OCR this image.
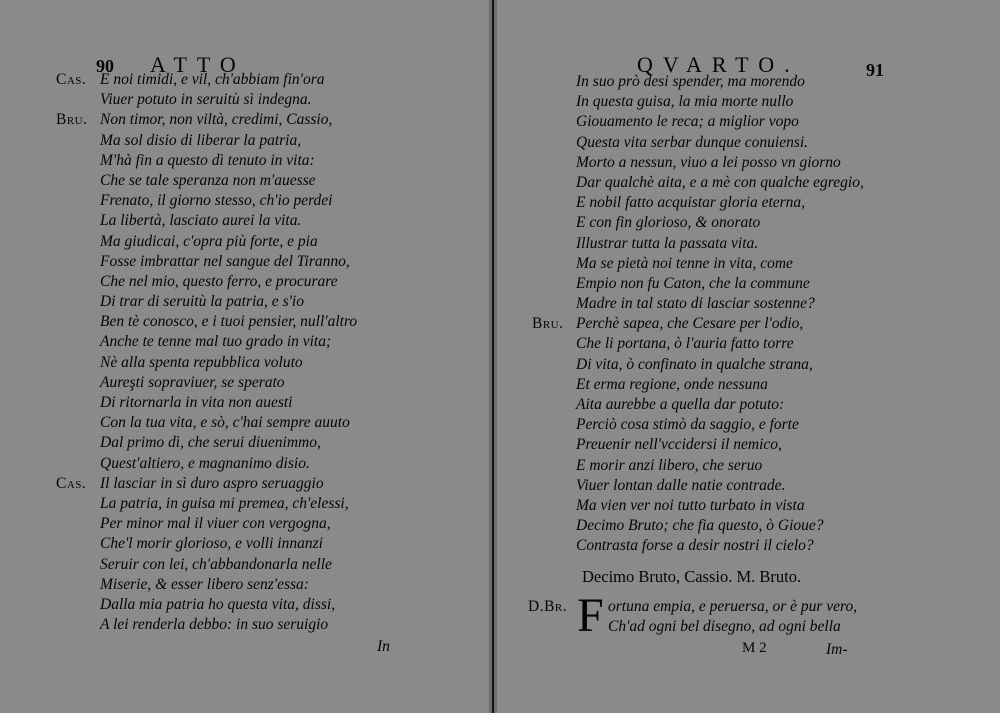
90 ATTO
Cas. E noi timidi, e vil, ch'abbiam fin'ora
Viuer potuto in seruitù sì indegna.
Bru. Non timor, non viltà, credimi, Cassio,
Ma sol disio di liberar la patria,
M'hà fin a questo dì tenuto in vita:
Che se tale speranza non m'auesse
Frenato, il giorno stesso, ch'io perdei
La libertà, lasciato aurei la vita.
Ma giudicai, c'opra più forte, e pia
Fosse imbrattar nel sangue del Tiranno,
Che nel mio, questo ferro, e procurare
Di trar di seruitù la patria, e s'io
Ben tè conosco, e i tuoi pensier, null'altro
Anche te tenne mal tuo grado in vita;
Nè alla spenta repubblica voluto
Aureşti sopraviuer, se sperato
Di ritornarla in vita non auesti
Con la tua vita, e sò, c'hai sempre auuto
Dal primo dì, che serui diuenimmo,
Quest'altiero, e magnanimo disio.
Cas. Il lasciar in sì duro aspro seruaggio
La patria, in guisa mi premea, ch'elessi,
Per minor mal il viuer con vergogna,
Che'l morir glorioso, e volli innanzi
Seruir con lei, ch'abbandonarla nelle
Miserie, & esser libero senz'essa:
Dalla mia patria ho questa vita, dissi,
A lei renderla debbo: in suo seruigio
In
QVARTO.	91
In suo prò desi spender, ma morendo
In questa guisa, la mia morte nullo
Giouamento le reca; a miglior vopo
Questa vita serbar dunque conuiensi.
Morto a nessun, viuo a lei posso vn giorno
Dar qualchè aita, e a mè con qualche egregio,
E nobil fatto acquistar gloria eterna,
E con fin glorioso, & onorato
Illustrar tutta la passata vita.
Ma se pietà noi tenne in vita, come
Empio non fu Caton, che la commune
Madre in tal stato di lasciar sostenne?
Bru. Perchè sapea, che Cesare per l'odio,
Che li portana, ò l'auria fatto torre
Di vita, ò confinato in qualche strana,
Et erma regione, onde nessuna
Aita aurebbe a quella dar potuto:
Perciò cosa stimò da saggio, e forte
Preuenir nell'vccidersi il nemico,
E morir anzi libero, che seruo
Viuer lontan dalle natie contrade.
Ma vien ver noi tutto turbato in vista
Decimo Bruto; che fia questo, ò Gioue?
Contrasta forse a desir nostri il cielo?
Decimo Bruto, Cassio. M. Bruto.
D.Br.	ortuna empia, e peruersa, or è pur vero,
Ch'ad ogni bel disegno, ad ogni bella
F
M 2	Im-
